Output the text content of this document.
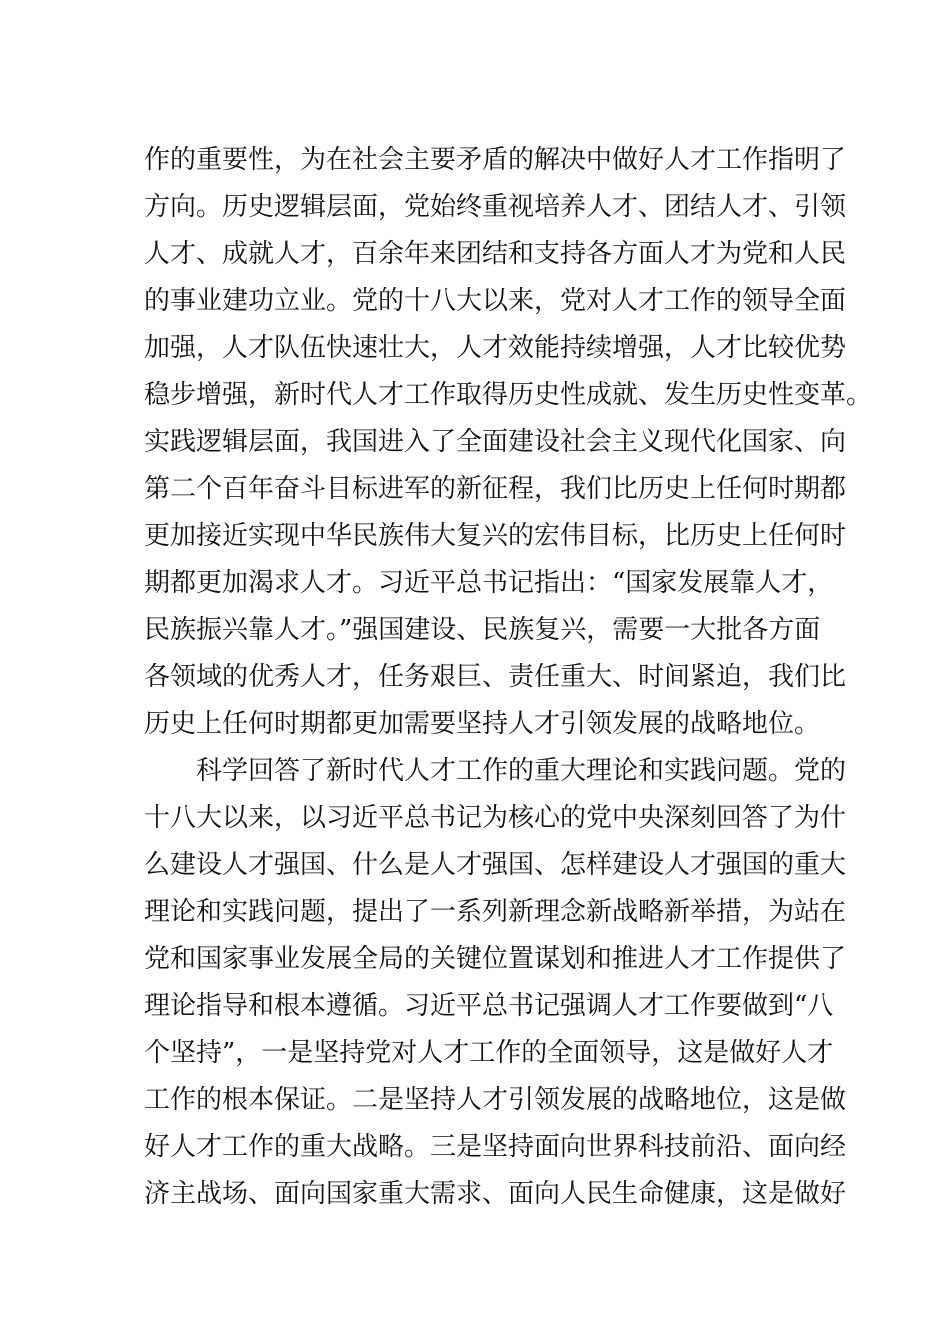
作的重要性，为在社会主要矛盾的解决中做好人才工作指明了
方向。历史逻辑层面，党始终重视培养人才、团结人才、引领
人才、成就人才，百余年来团结和支持各方面人才为党和人民
的事业建功立业。党的十八大以来，党对人才工作的领导全面
加强，人才队伍快速壮大，人才效能持续增强，人才比较优势
稳步增强，新时代人才工作取得历史性成就、发生历史性变革。
实践逻辑层面，我国进入了全面建设社会主义现代化国家、向
第二个百年奋斗目标进军的新征程，我们比历史上任何时期都
更加接近实现中华民族伟大复兴的宏伟目标，比历史上任何时
期都更加渴求人才。习近平总书记指出：“国家发展靠人才，
民族振兴靠人才。”强国建设、民族复兴，需要一大批各方面
各领域的优秀人才，任务艰巨、责任重大、时间紧迫，我们比
历史上任何时期都更加需要坚持人才引领发展的战略地位。
科学回答了新时代人才工作的重大理论和实践问题。党的
十八大以来，以习近平总书记为核心的党中央深刻回答了为什
么建设人才强国、什么是人才强国、怎样建设人才强国的重大
理论和实践问题，提出了一系列新理念新战略新举措，为站在
党和国家事业发展全局的关键位置谋划和推进人才工作提供了
理论指导和根本遵循。习近平总书记强调人才工作要做到“八
个坚持”，一是坚持党对人才工作的全面领导，这是做好人才
工作的根本保证。二是坚持人才引领发展的战略地位，这是做
好人才工作的重大战略。三是坚持面向世界科技前沿、面向经
济主战场、面向国家重大需求、面向人民生命健康，这是做好
